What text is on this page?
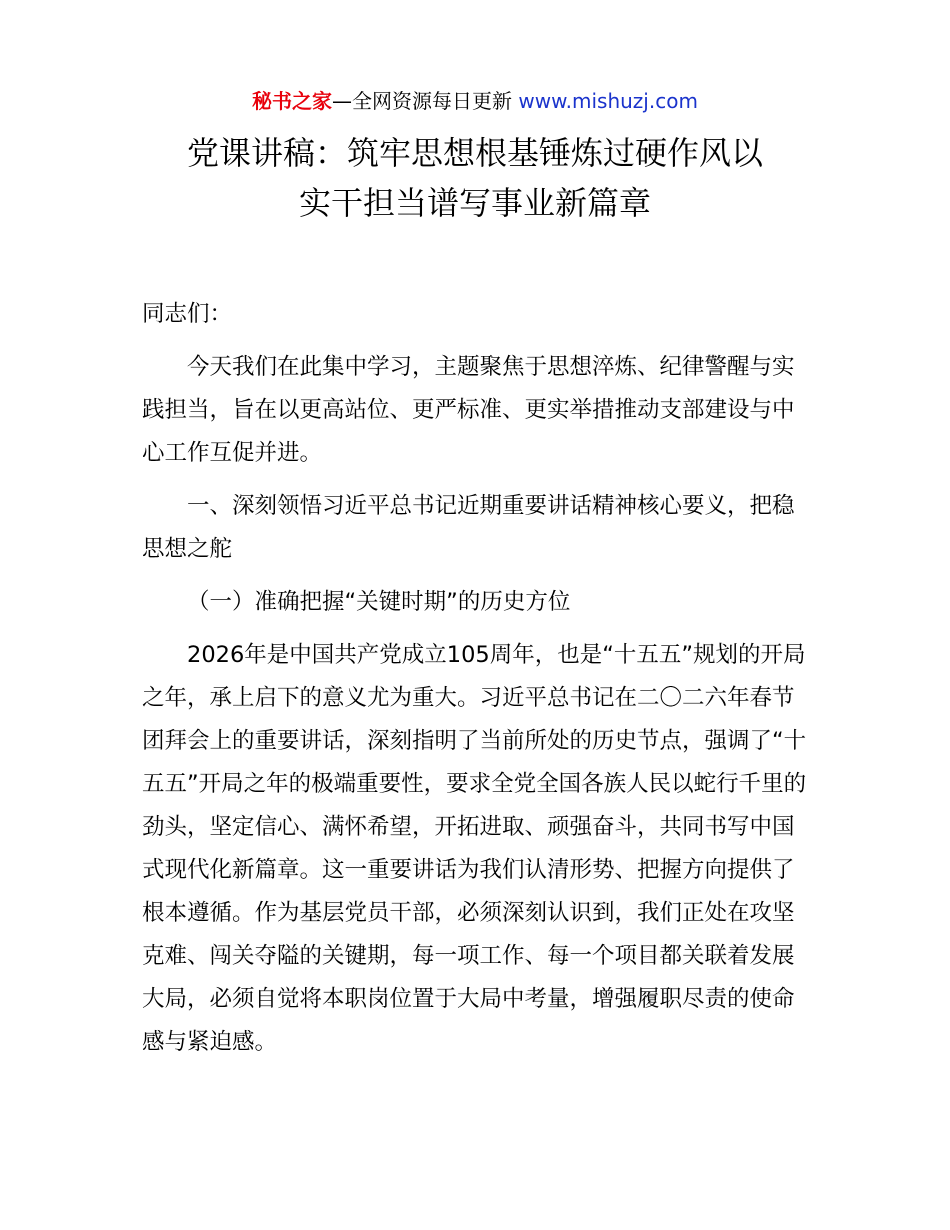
秘书之家—全网资源每日更新 www.mishuzj.com
党课讲稿：筑牢思想根基锤炼过硬作风以
实干担当谱写事业新篇章

同志们：

今天我们在此集中学习，主题聚焦于思想淬炼、纪律警醒与实践担当，旨在以更高站位、更严标准、更实举措推动支部建设与中心工作互促并进。

一、深刻领悟习近平总书记近期重要讲话精神核心要义，把稳思想之舵

（一）准确把握“关键时期”的历史方位

2026年是中国共产党成立105周年，也是“十五五”规划的开局之年，承上启下的意义尤为重大。习近平总书记在二〇二六年春节团拜会上的重要讲话，深刻指明了当前所处的历史节点，强调了“十五五”开局之年的极端重要性，要求全党全国各族人民以蛇行千里的劲头，坚定信心、满怀希望，开拓进取、顽强奋斗，共同书写中国式现代化新篇章。这一重要讲话为我们认清形势、把握方向提供了根本遵循。作为基层党员干部，必须深刻认识到，我们正处在攻坚克难、闯关夺隘的关键期，每一项工作、每一个项目都关联着发展大局，必须自觉将本职岗位置于大局中考量，增强履职尽责的使命感与紧迫感。
